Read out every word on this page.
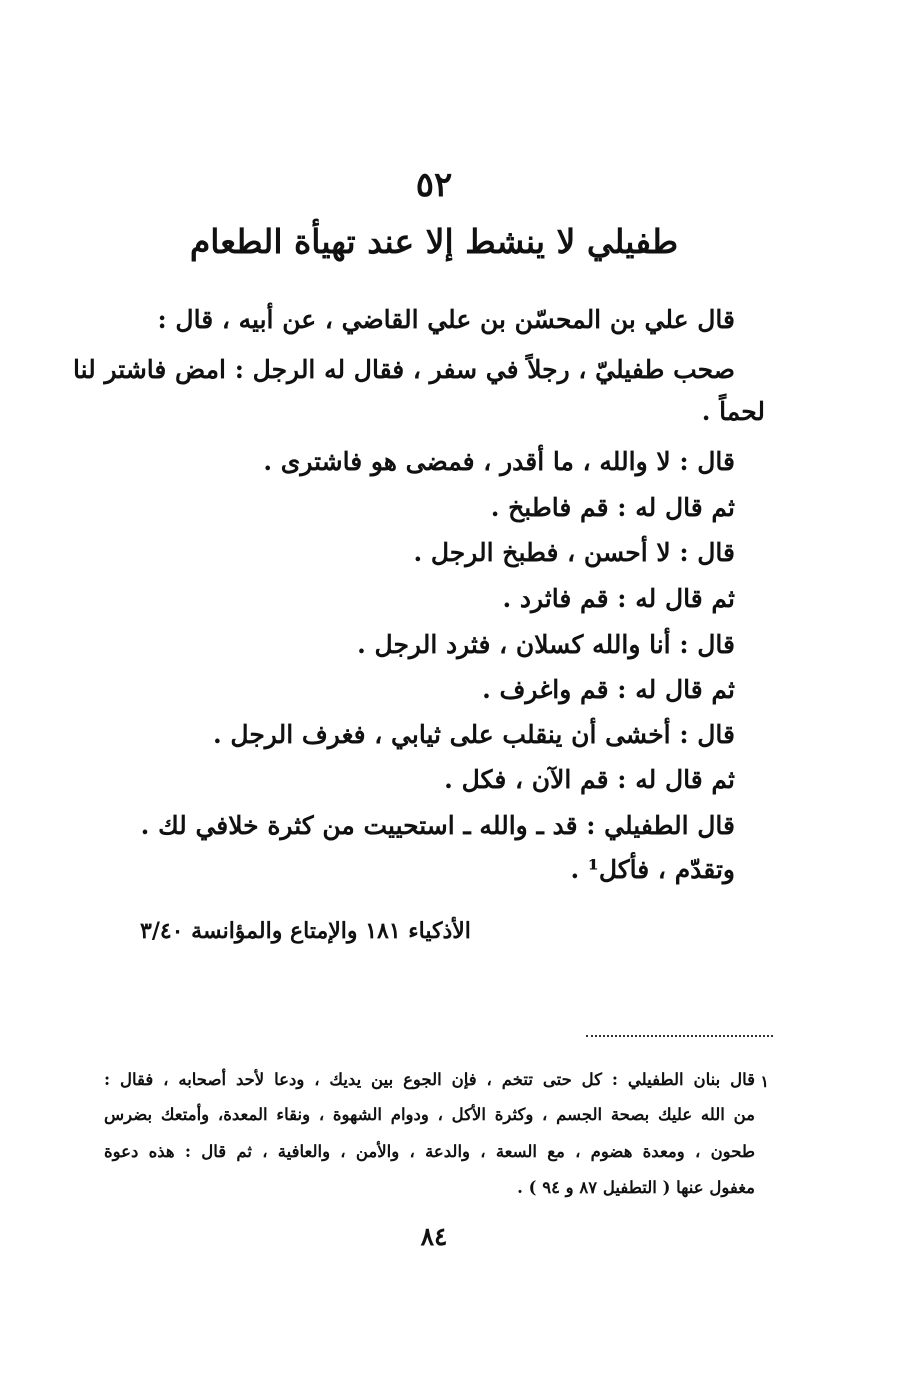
٥٢
طفيلي لا ينشط إلا عند تهيأة الطعام
قال علي بن المحسّن بن علي القاضي ، عن أبيه ، قال :
صحب طفيليّ ، رجلاً في سفر ، فقال له الرجل : امض فاشتر لنا
لحماً .
قال : لا والله ، ما أقدر ، فمضى هو فاشترى .
ثم قال له : قم فاطبخ .
قال : لا أحسن ، فطبخ الرجل .
ثم قال له : قم فاثرد .
قال : أنا والله كسلان ، فثرد الرجل .
ثم قال له : قم واغرف .
قال : أخشى أن ينقلب على ثيابي ، فغرف الرجل .
ثم قال له : قم الآن ، فكل .
قال الطفيلي : قد ـ والله ـ استحييت من كثرة خلافي لك .
وتقدّم ، فأكل¹ .
الأذكياء ١٨١ والإمتاع والمؤانسة ٣/٤٠
١
قال بنان الطفيلي : كل حتى تتخم ، فإن الجوع بين يديك ، ودعا لأحد أصحابه ، فقال :
من الله عليك بصحة الجسم ، وكثرة الأكل ، ودوام الشهوة ، ونقاء المعدة، وأمتعك بضرس
طحون ، ومعدة هضوم ، مع السعة ، والدعة ، والأمن ، والعافية ، ثم قال : هذه دعوة
مغفول عنها ( التطفيل ٨٧ و ٩٤ ) .
٨٤
